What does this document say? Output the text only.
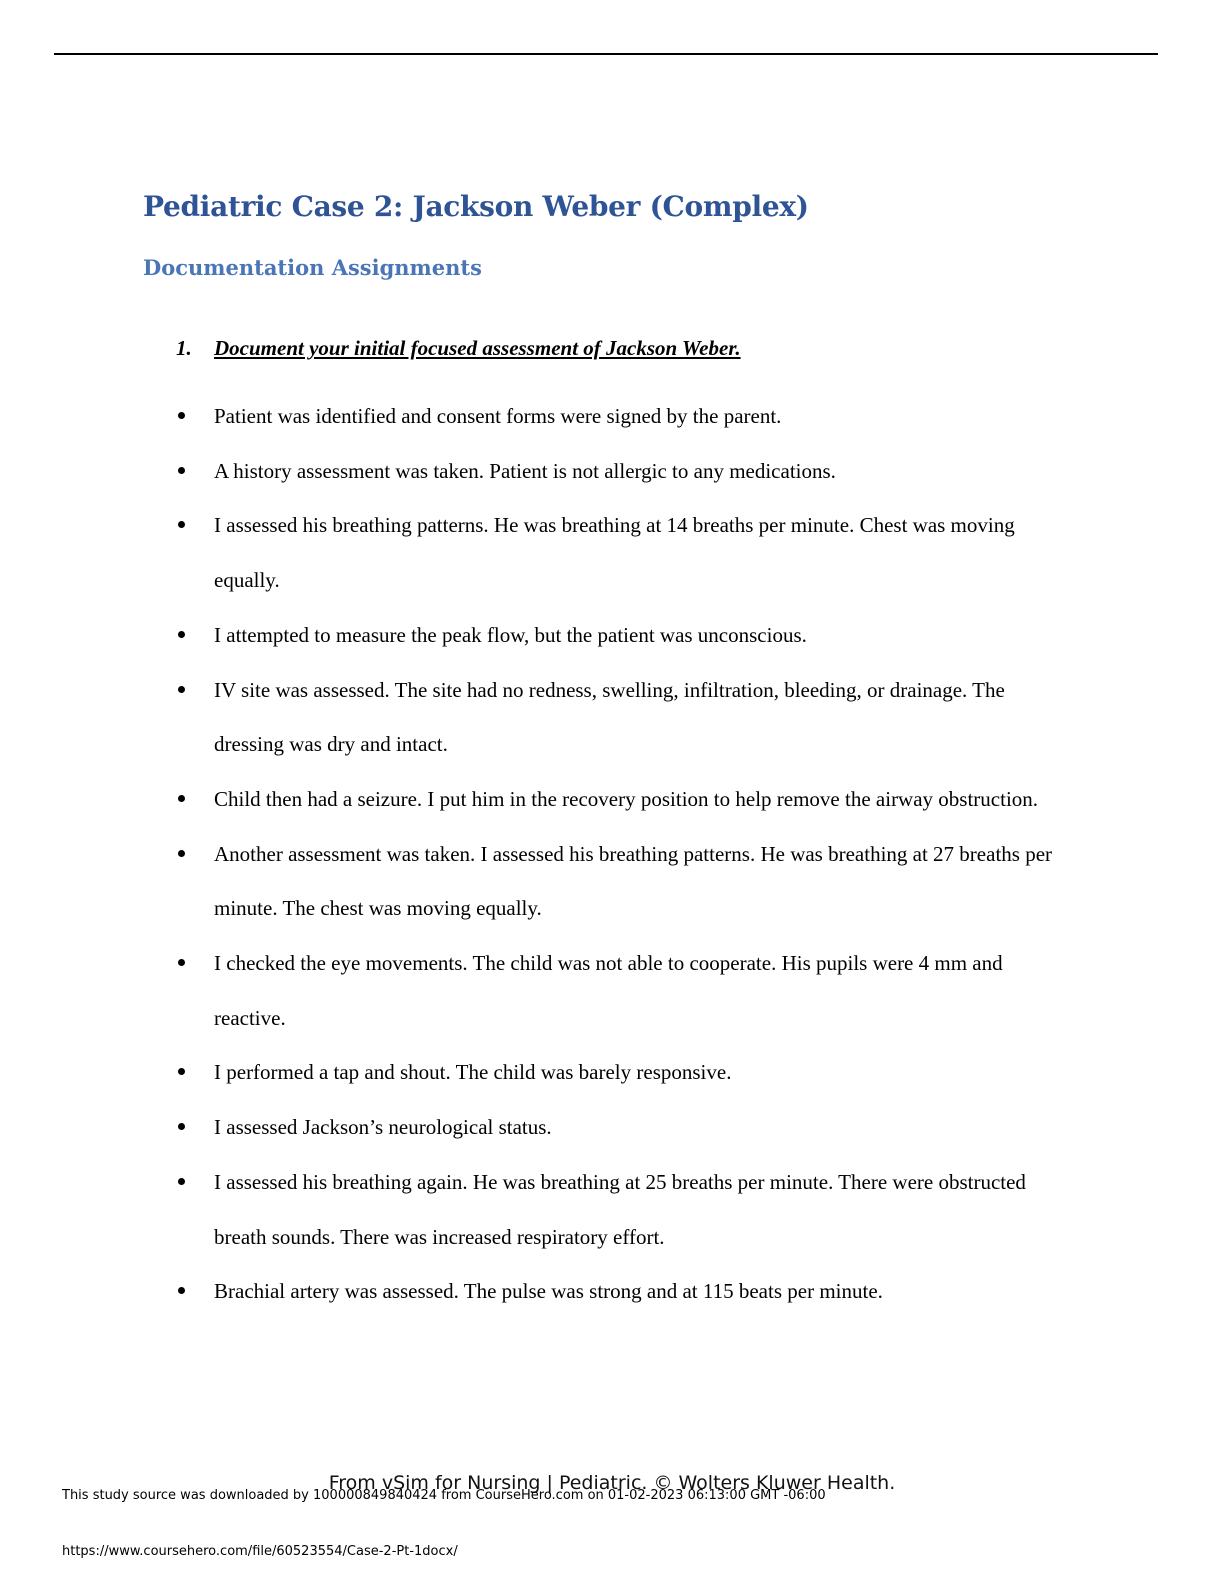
Pediatric Case 2: Jackson Weber (Complex)
Documentation Assignments
1. Document your initial focused assessment of Jackson Weber.
Patient was identified and consent forms were signed by the parent.
A history assessment was taken. Patient is not allergic to any medications.
I assessed his breathing patterns. He was breathing at 14 breaths per minute. Chest was moving equally.
I attempted to measure the peak flow, but the patient was unconscious.
IV site was assessed. The site had no redness, swelling, infiltration, bleeding, or drainage. The dressing was dry and intact.
Child then had a seizure. I put him in the recovery position to help remove the airway obstruction.
Another assessment was taken. I assessed his breathing patterns. He was breathing at 27 breaths per minute. The chest was moving equally.
I checked the eye movements. The child was not able to cooperate. His pupils were 4 mm and reactive.
I performed a tap and shout. The child was barely responsive.
I assessed Jackson’s neurological status.
I assessed his breathing again. He was breathing at 25 breaths per minute. There were obstructed breath sounds. There was increased respiratory effort.
Brachial artery was assessed. The pulse was strong and at 115 beats per minute.
From vSim for Nursing | Pediatric. © Wolters Kluwer Health.
This study source was downloaded by 100000849840424 from CourseHero.com on 01-02-2023 06:13:00 GMT -06:00
https://www.coursehero.com/file/60523554/Case-2-Pt-1docx/
